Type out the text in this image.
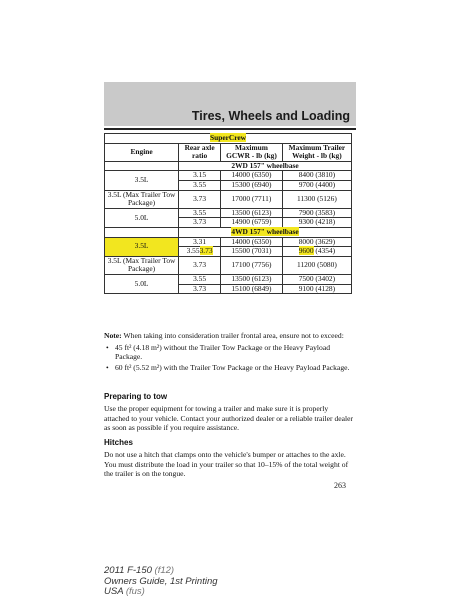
Tires, Wheels and Loading
SuperCrew			
Engine	Rear axle ratio	Maximum GCWR - lb (kg)	Maximum Trailer Weight - lb (kg)
	2WD 157" wheelbase		
3.5L	3.15	14000 (6350)	8400 (3810)
	3.55	15300 (6940)	9700 (4400)
3.5L (Max Trailer Tow Package)	3.73	17000 (7711)	11300 (5126)
5.0L	3.55	13500 (6123)	7900 (3583)
	3.73	14900 (6759)	9300 (4218)
	4WD 157" wheelbase		
3.5L	3.31	14000 (6350)	8000 (3629)
	3.553.73	15500 (7031)	9600 (4354)
3.5L (Max Trailer Tow Package)	3.73	17100 (7756)	11200 (5080)
5.0L	3.55	13500 (6123)	7500 (3402)
	3.73	15100 (6849)	9100 (4128)

Note: When taking into consideration trailer frontal area, ensure not to exceed:

• 45 ft² (4.18 m²) without the Trailer Tow Package or the Heavy Payload Package.
• 60 ft² (5.52 m²) with the Trailer Tow Package or the Heavy Payload Package.
Preparing to tow
Use the proper equipment for towing a trailer and make sure it is properly attached to your vehicle. Contact your authorized dealer or a reliable trailer dealer as soon as possible if you require assistance.
Hitches
Do not use a hitch that clamps onto the vehicle's bumper or attaches to the axle. You must distribute the load in your trailer so that 10–15% of the total weight of the trailer is on the tongue.
263
2011 F-150 (f12)
Owners Guide, 1st Printing
USA (fus)
